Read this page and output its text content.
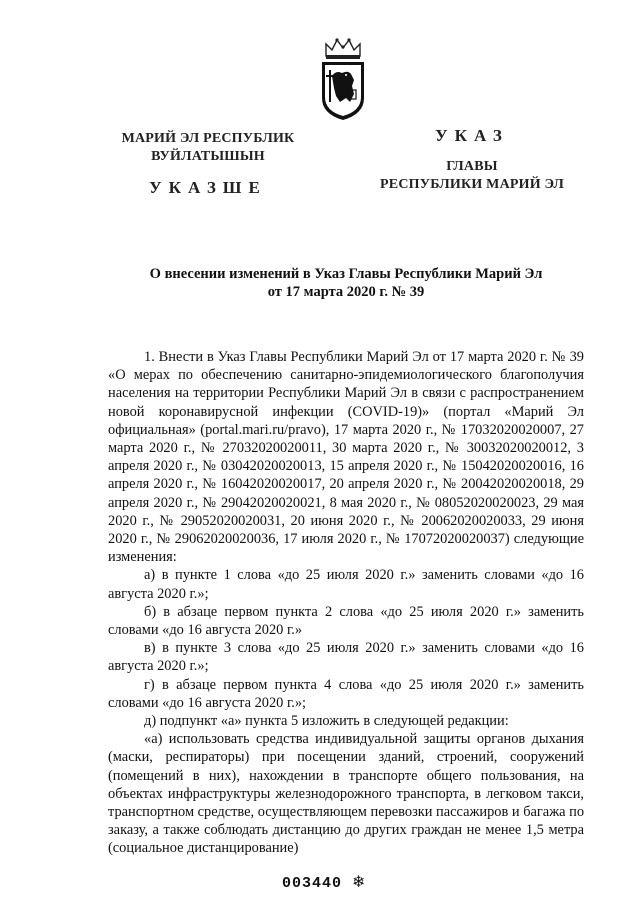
МАРИЙ ЭЛ РЕСПУБЛИК
ВУЙЛАТЫШЫН
УКАЗШЕ
УКАЗ
ГЛАВЫ
РЕСПУБЛИКИ МАРИЙ ЭЛ
О внесении изменений в Указ Главы Республики Марий Эл
от 17 марта 2020 г. № 39

1. Внести в Указ Главы Республики Марий Эл от 17 марта 2020 г. № 39 «О мерах по обеспечению санитарно-эпидемиологического благополучия населения на территории Республики Марий Эл в связи с распространением новой коронавирусной инфекции (COVID-19)» (портал «Марий Эл официальная» (portal.mari.ru/pravo), 17 марта 2020 г., № 17032020020007, 27 марта 2020 г., № 27032020020011, 30 марта 2020 г., № 30032020020012, 3 апреля 2020 г., № 03042020020013, 15 апреля 2020 г., № 15042020020016, 16 апреля 2020 г., № 16042020020017, 20 апреля 2020 г., № 20042020020018, 29 апреля 2020 г., № 29042020020021, 8 мая 2020 г., № 08052020020023, 29 мая 2020 г., № 29052020020031, 20 июня 2020 г., № 20062020020033, 29 июня 2020 г., № 29062020020036, 17 июля 2020 г., № 17072020020037) следующие изменения:

а) в пункте 1 слова «до 25 июля 2020 г.» заменить словами «до 16 августа 2020 г.»;

б) в абзаце первом пункта 2 слова «до 25 июля 2020 г.» заменить словами «до 16 августа 2020 г.»

в) в пункте 3 слова «до 25 июля 2020 г.» заменить словами «до 16 августа 2020 г.»;

г) в абзаце первом пункта 4 слова «до 25 июля 2020 г.» заменить словами «до 16 августа 2020 г.»;

д) подпункт «а» пункта 5 изложить в следующей редакции:

«а) использовать средства индивидуальной защиты органов дыхания (маски, респираторы) при посещении зданий, строений, сооружений (помещений в них), нахождении в транспорте общего пользования, на объектах инфраструктуры железнодорожного транспорта, в легковом такси, транспортном средстве, осуществляющем перевозки пассажиров и багажа по заказу, а также соблюдать дистанцию до других граждан не менее 1,5 метра (социальное дистанцирование)

003440 ❄
